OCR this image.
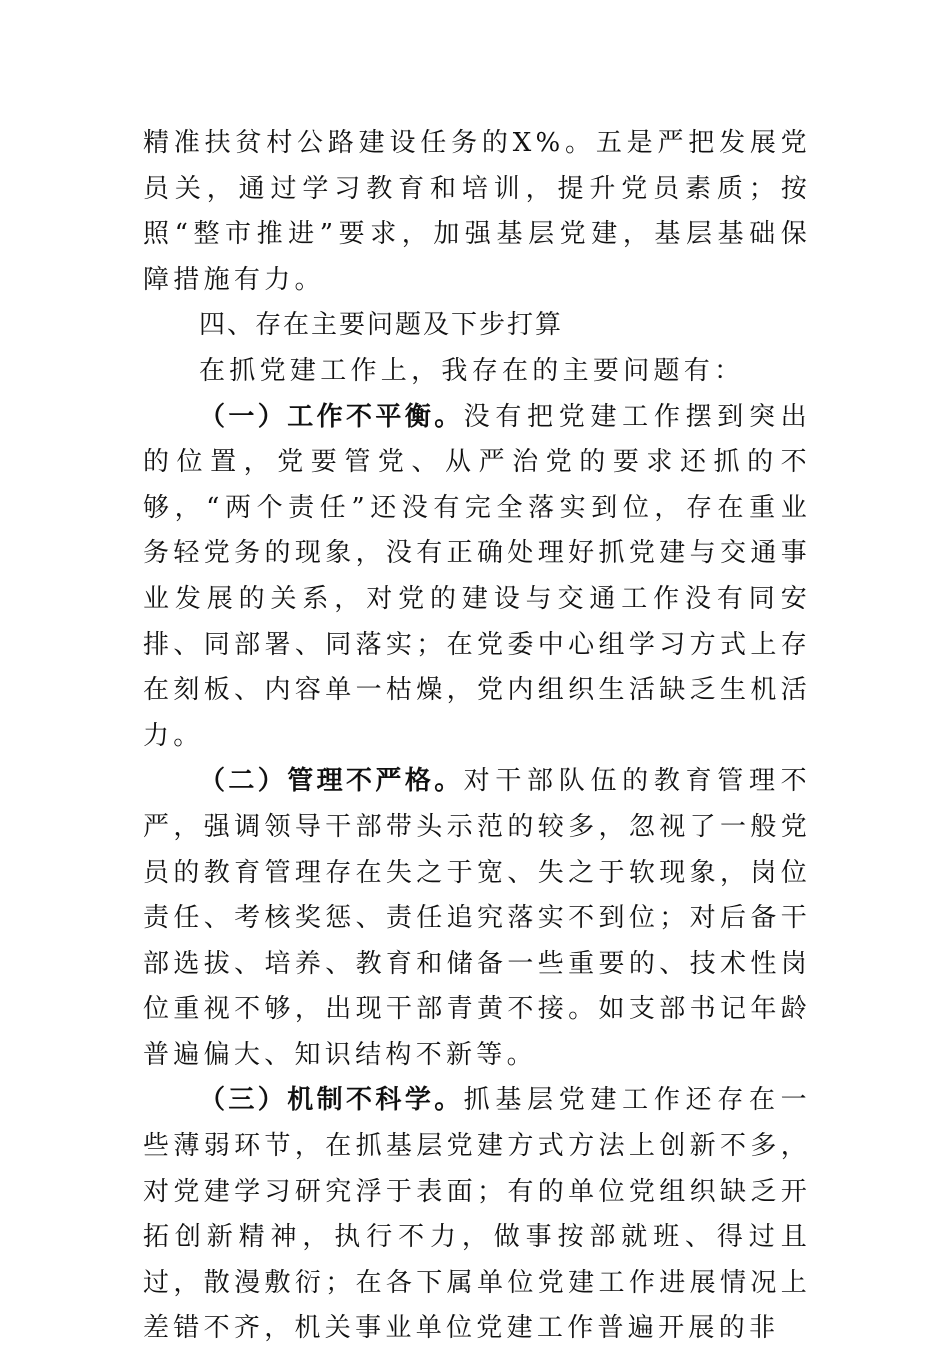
精准扶贫村公路建设任务的X%。五是严把发展党员关，通过学习教育和培训，提升党员素质；按照“整市推进”要求，加强基层党建，基层基础保障措施有力。

四、存在主要问题及下步打算

在抓党建工作上，我存在的主要问题有：

（一）工作不平衡。没有把党建工作摆到突出的位置，党要管党、从严治党的要求还抓的不够，“两个责任”还没有完全落实到位，存在重业务轻党务的现象，没有正确处理好抓党建与交通事业发展的关系，对党的建设与交通工作没有同安排、同部署、同落实；在党委中心组学习方式上存在刻板、内容单一枯燥，党内组织生活缺乏生机活力。

（二）管理不严格。对干部队伍的教育管理不严，强调领导干部带头示范的较多，忽视了一般党员的教育管理存在失之于宽、失之于软现象，岗位责任、考核奖惩、责任追究落实不到位；对后备干部选拔、培养、教育和储备一些重要的、技术性岗位重视不够，出现干部青黄不接。如支部书记年龄普遍偏大、知识结构不新等。

（三）机制不科学。抓基层党建工作还存在一些薄弱环节，在抓基层党建方式方法上创新不多，对党建学习研究浮于表面；有的单位党组织缺乏开拓创新精神，执行不力，做事按部就班、得过且过，散漫敷衍；在各下属单位党建工作进展情况上差错不齐，机关事业单位党建工作普遍开展的非
